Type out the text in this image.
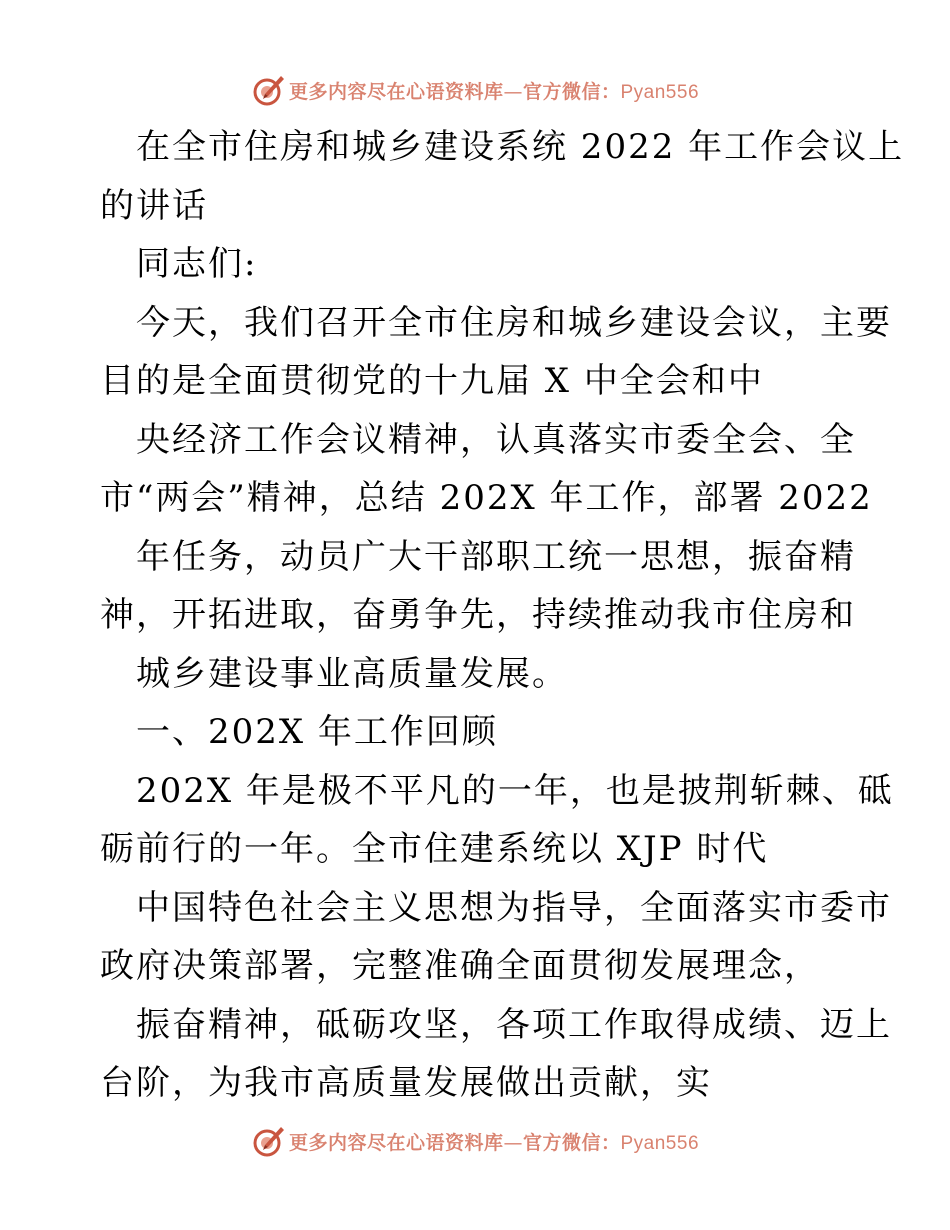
更多内容尽在心语资料库—官方微信：Pyan556
在全市住房和城乡建设系统 2022 年工作会议上
的讲话
同志们:
今天，我们召开全市住房和城乡建设会议，主要
目的是全面贯彻党的十九届 X 中全会和中
央经济工作会议精神，认真落实市委全会、全
市“两会”精神，总结 202X 年工作，部署 2022
年任务，动员广大干部职工统一思想，振奋精
神，开拓进取，奋勇争先，持续推动我市住房和
城乡建设事业高质量发展。
一、202X 年工作回顾
202X 年是极不平凡的一年，也是披荆斩棘、砥
砺前行的一年。全市住建系统以 XJP 时代
中国特色社会主义思想为指导，全面落实市委市
政府决策部署，完整准确全面贯彻发展理念，
振奋精神，砥砺攻坚，各项工作取得成绩、迈上
台阶，为我市高质量发展做出贡献，实
更多内容尽在心语资料库—官方微信：Pyan556
